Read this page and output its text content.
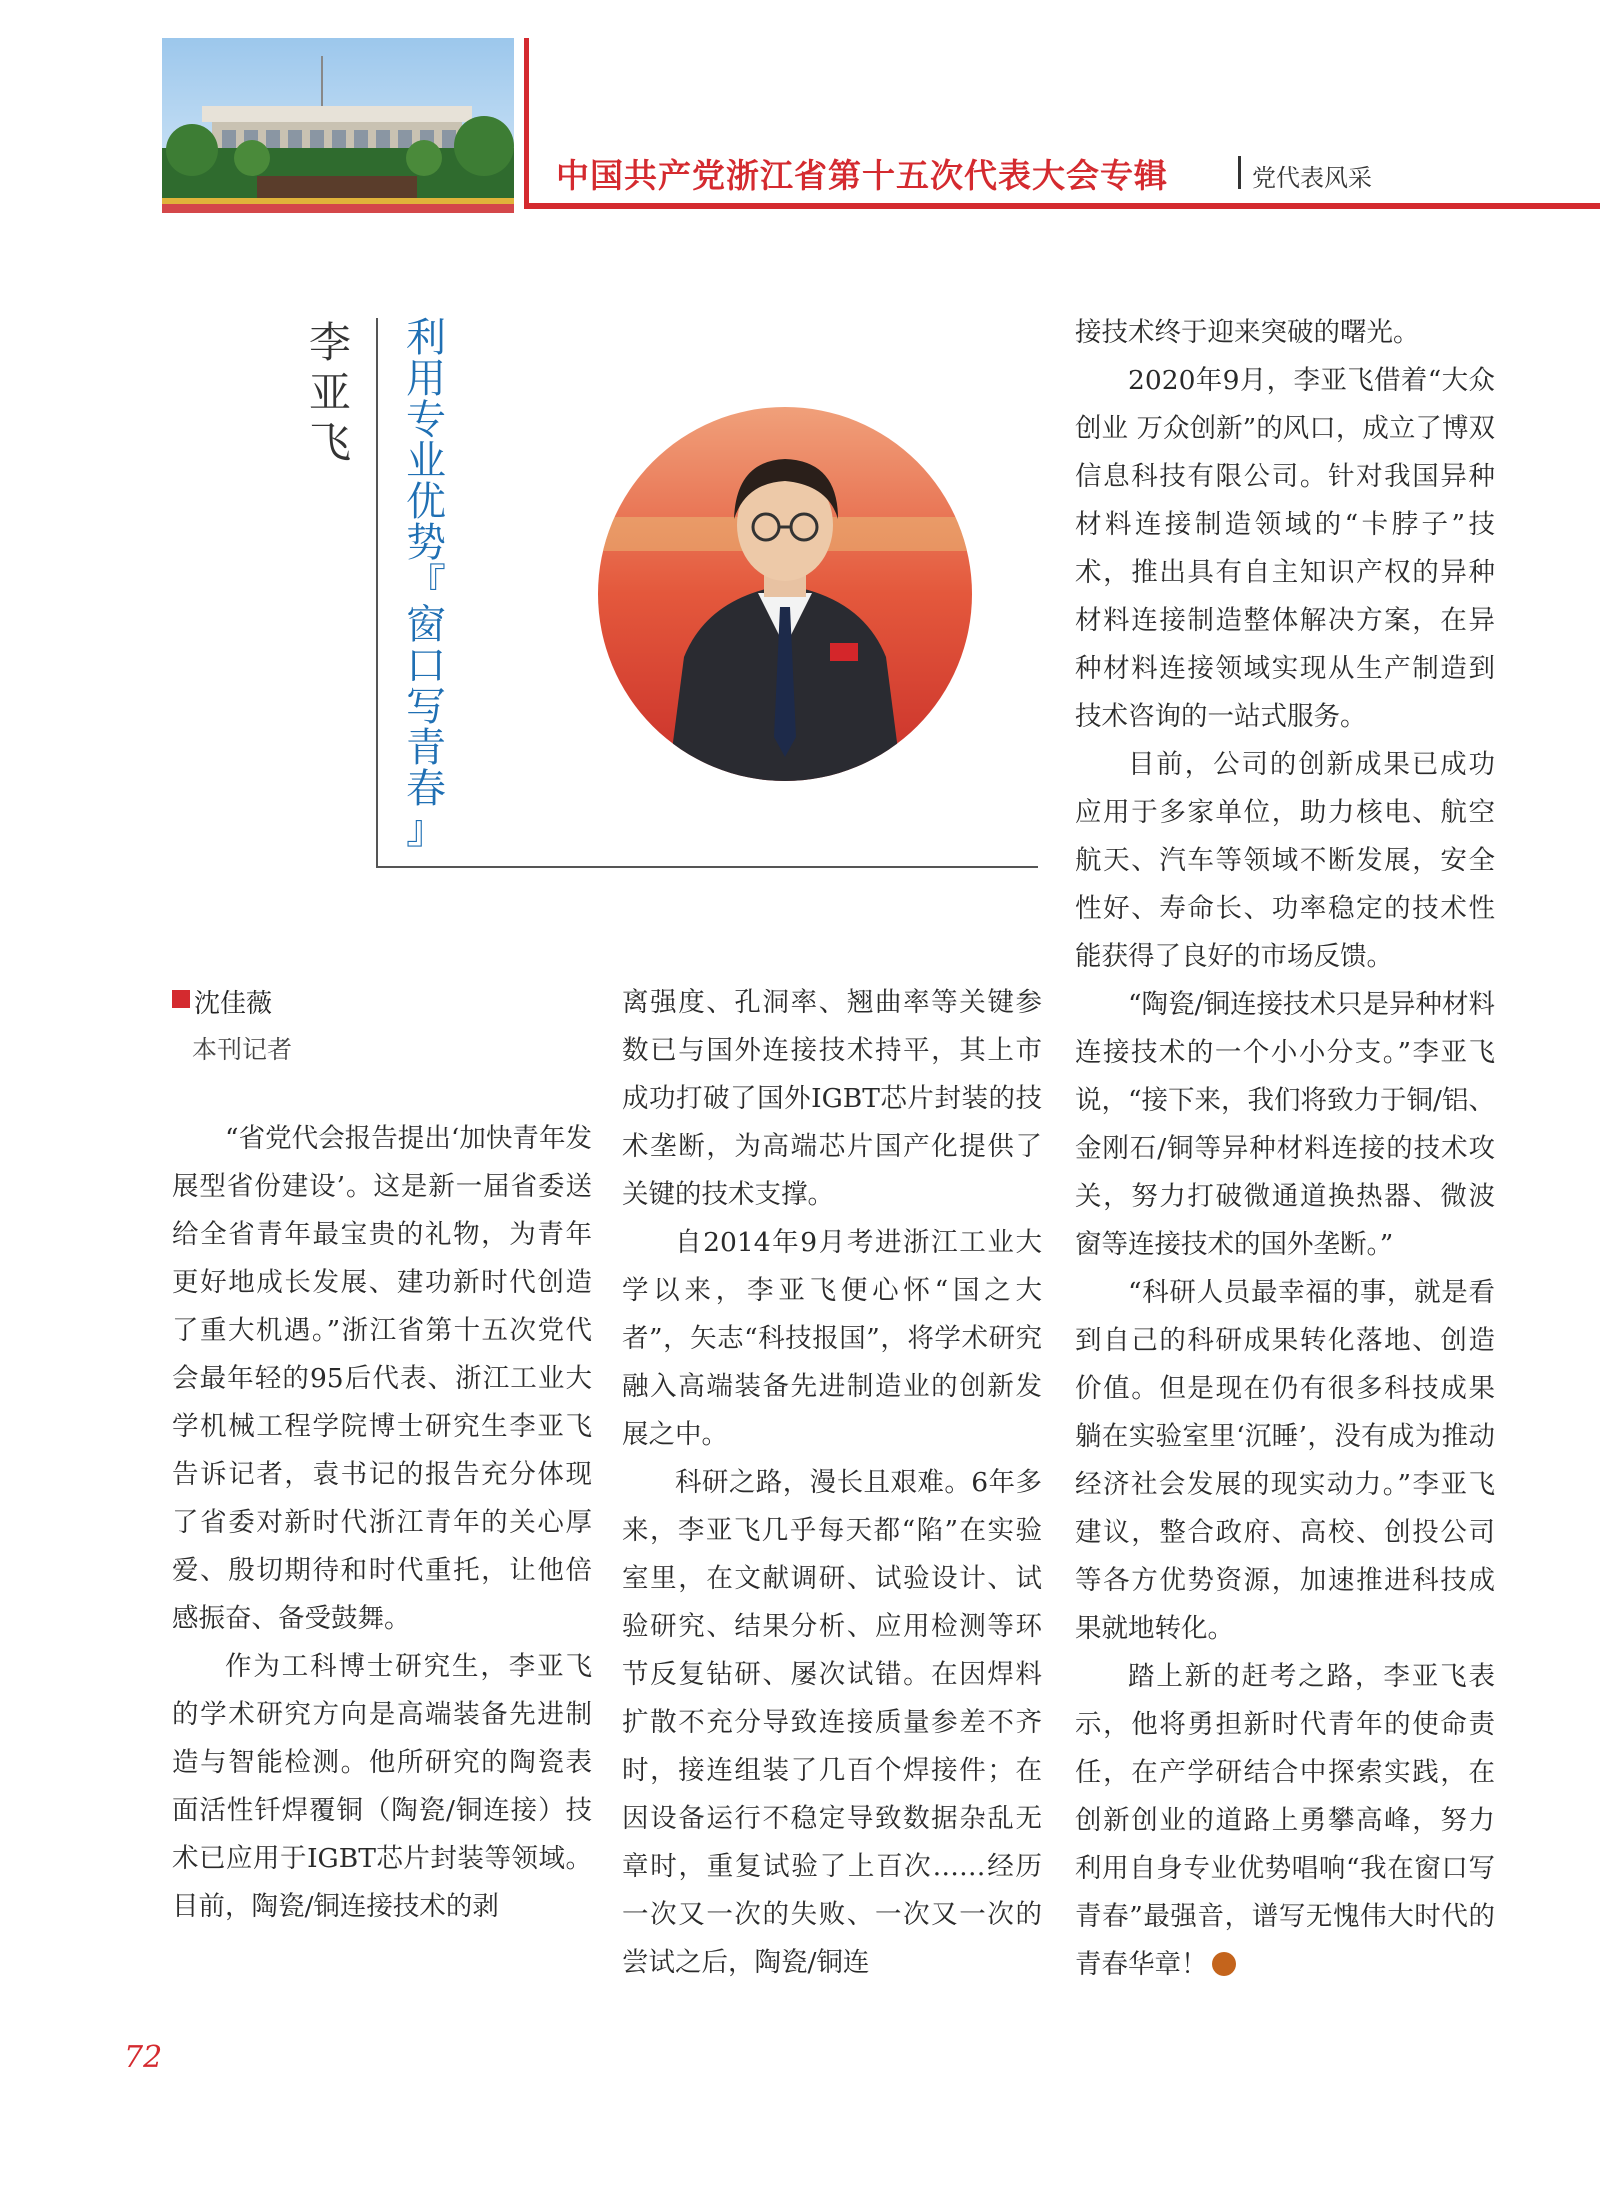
中国共产党浙江省第十五次代表大会专辑	党代表风采
李
亚
飞
利
用
专
业
优
势
『
窗
口
写
青
春
』
沈佳薇
本刊记者

“省党代会报告提出‘加快青年发展型省份建设’。这是新一届省委送给全省青年最宝贵的礼物，为青年更好地成长发展、建功新时代创造了重大机遇。”浙江省第十五次党代会最年轻的95后代表、浙江工业大学机械工程学院博士研究生李亚飞告诉记者，袁书记的报告充分体现了省委对新时代浙江青年的关心厚爱、殷切期待和时代重托，让他倍感振奋、备受鼓舞。

作为工科博士研究生，李亚飞的学术研究方向是高端装备先进制造与智能检测。他所研究的陶瓷表面活性钎焊覆铜（陶瓷/铜连接）技术已应用于IGBT芯片封装等领域。目前，陶瓷/铜连接技术的剥

离强度、孔洞率、翘曲率等关键参数已与国外连接技术持平，其上市成功打破了国外IGBT芯片封装的技术垄断，为高端芯片国产化提供了关键的技术支撑。

自2014年9月考进浙江工业大学以来，李亚飞便心怀“国之大者”，矢志“科技报国”，将学术研究融入高端装备先进制造业的创新发展之中。

科研之路，漫长且艰难。6年多来，李亚飞几乎每天都“陷”在实验室里，在文献调研、试验设计、试验研究、结果分析、应用检测等环节反复钻研、屡次试错。在因焊料扩散不充分导致连接质量参差不齐时，接连组装了几百个焊接件；在因设备运行不稳定导致数据杂乱无章时，重复试验了上百次……经历一次又一次的失败、一次又一次的尝试之后，陶瓷/铜连

接技术终于迎来突破的曙光。

2020年9月，李亚飞借着“大众创业 万众创新”的风口，成立了博双信息科技有限公司。针对我国异种材料连接制造领域的“卡脖子”技术，推出具有自主知识产权的异种材料连接制造整体解决方案，在异种材料连接领域实现从生产制造到技术咨询的一站式服务。

目前，公司的创新成果已成功应用于多家单位，助力核电、航空航天、汽车等领域不断发展，安全性好、寿命长、功率稳定的技术性能获得了良好的市场反馈。

“陶瓷/铜连接技术只是异种材料连接技术的一个小小分支。”李亚飞说，“接下来，我们将致力于铜/铝、金刚石/铜等异种材料连接的技术攻关，努力打破微通道换热器、微波窗等连接技术的国外垄断。”

“科研人员最幸福的事，就是看到自己的科研成果转化落地、创造价值。但是现在仍有很多科技成果躺在实验室里‘沉睡’，没有成为推动经济社会发展的现实动力。”李亚飞建议，整合政府、高校、创投公司等各方优势资源，加速推进科技成果就地转化。

踏上新的赶考之路，李亚飞表示，他将勇担新时代青年的使命责任，在产学研结合中探索实践，在创新创业的道路上勇攀高峰，努力利用自身专业优势唱响“我在窗口写青春”最强音，谱写无愧伟大时代的青春华章！

72
